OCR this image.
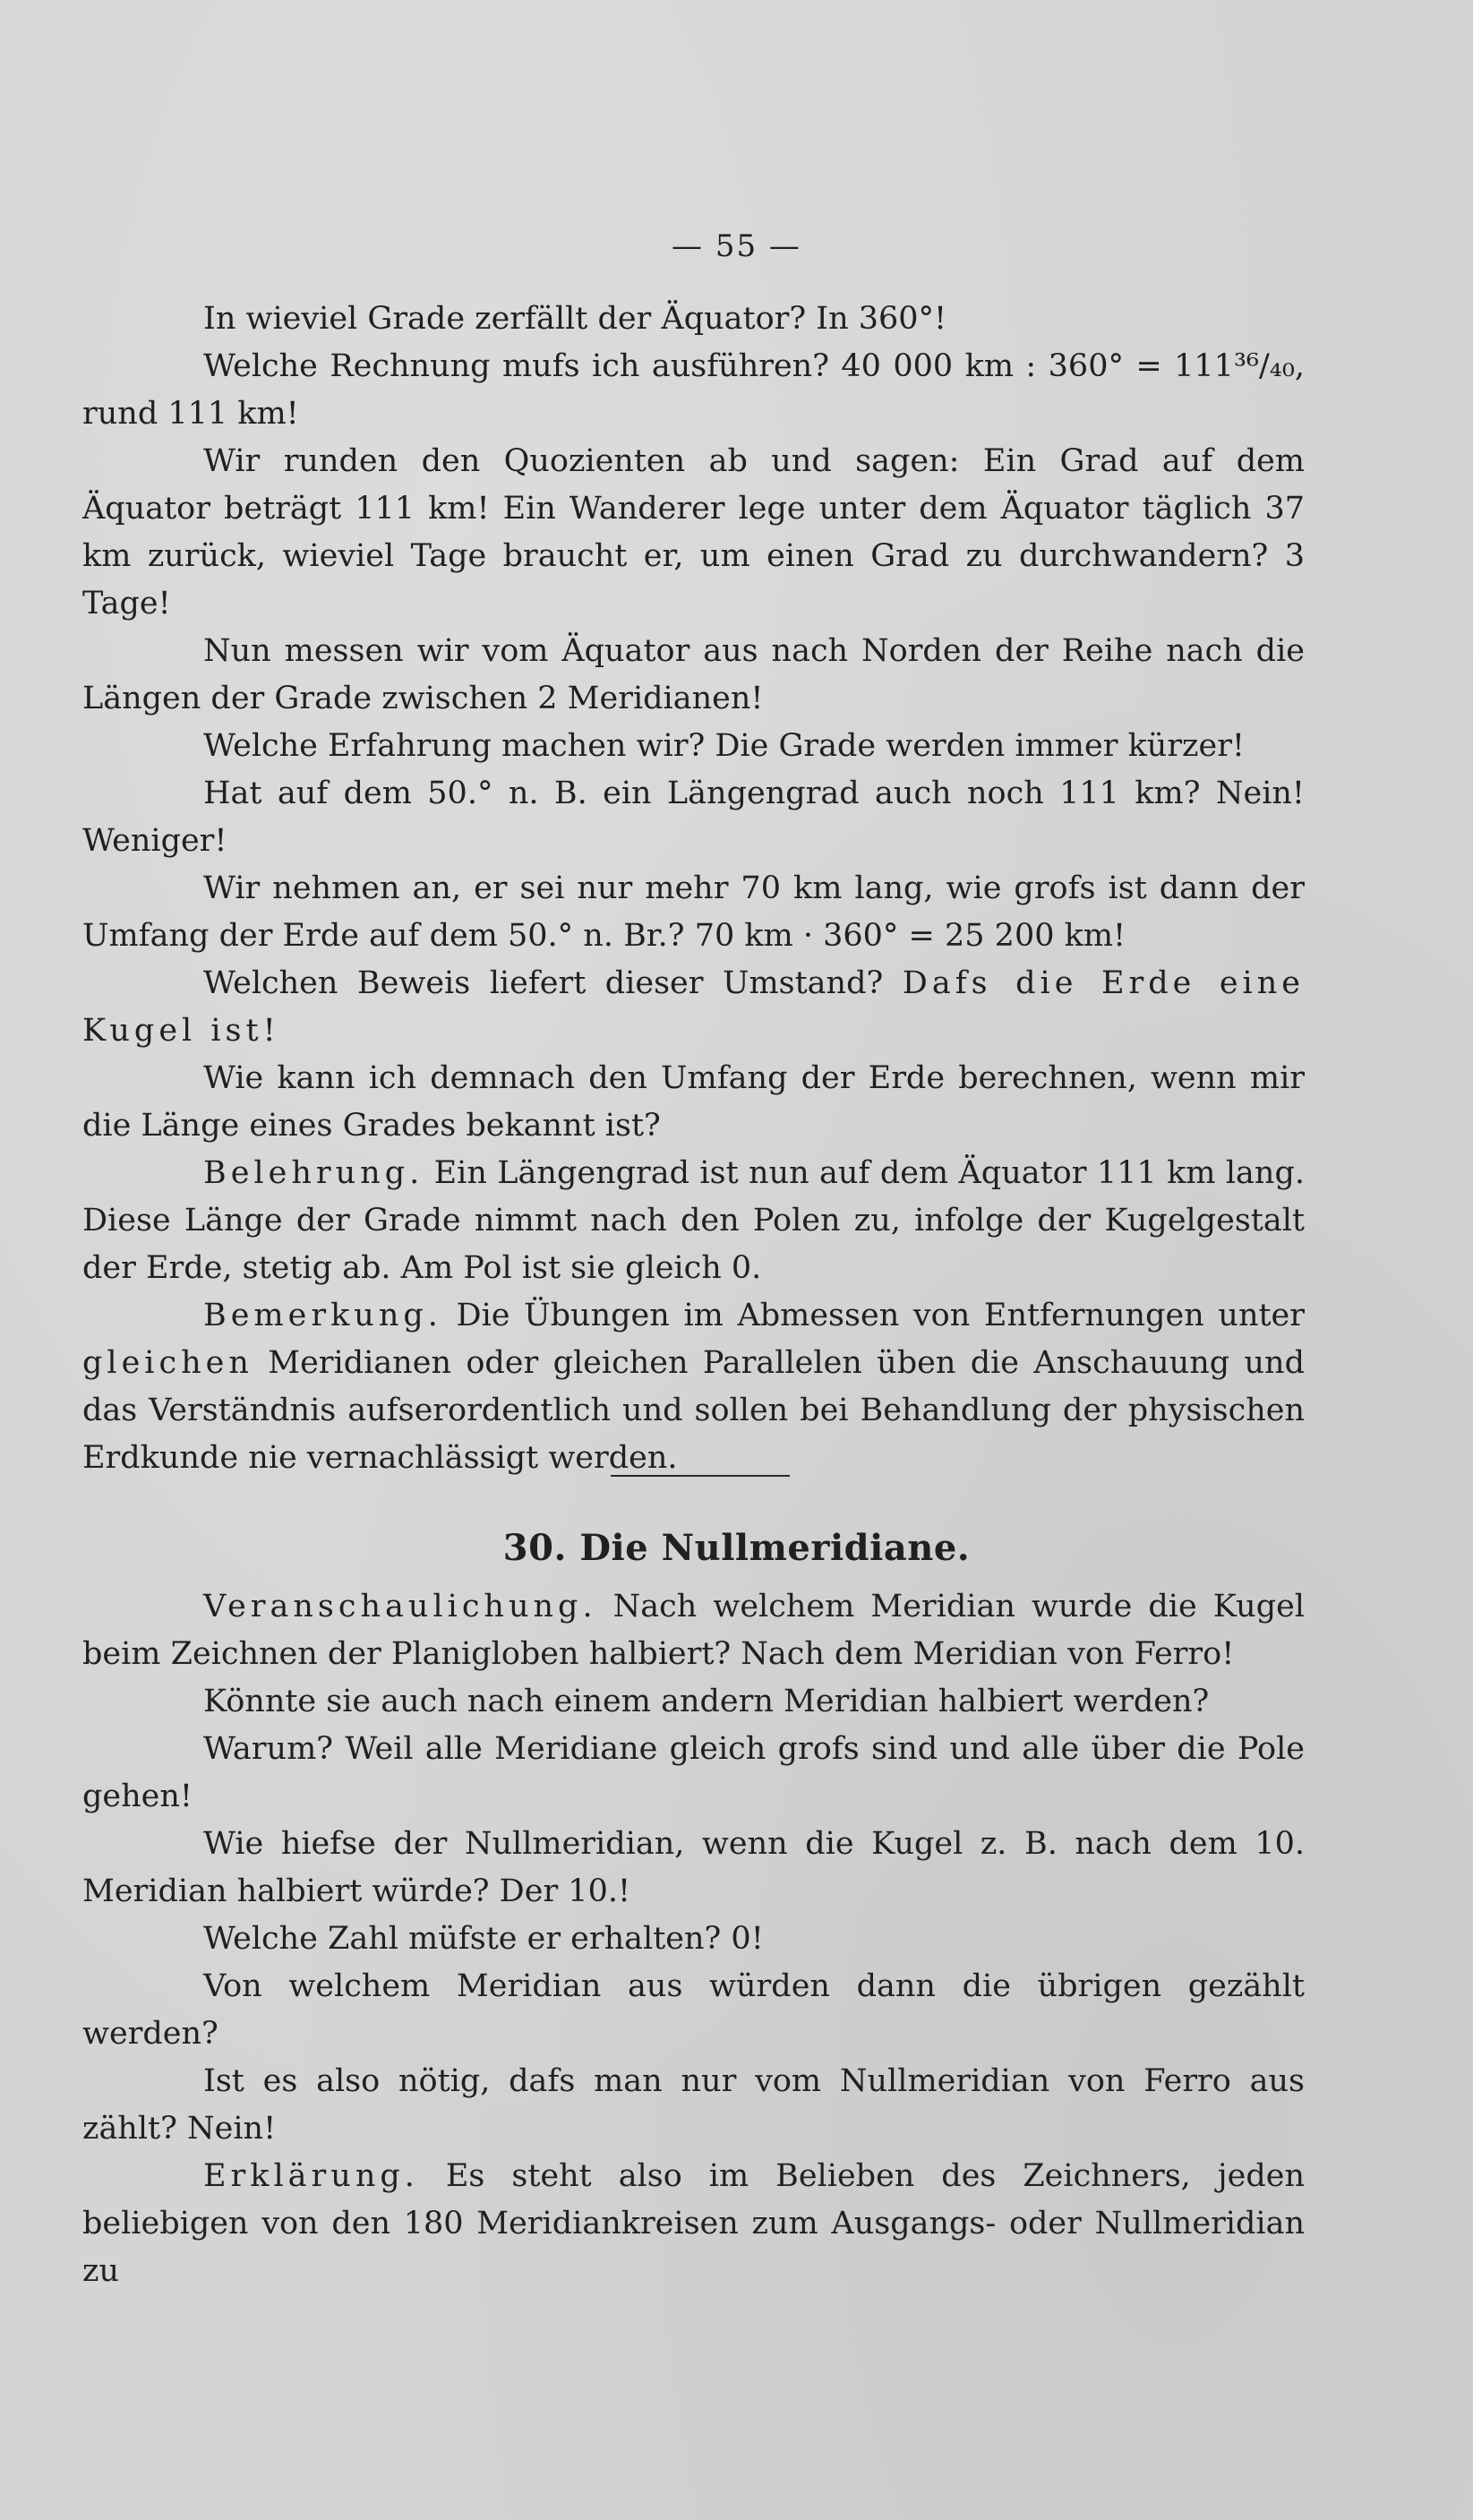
— 55 —

In wieviel Grade zerfällt der Äquator? In 360°!

Welche Rechnung mufs ich ausführen? 40 000 km : 360° = 111³⁶/₄₀, rund 111 km!

Wir runden den Quozienten ab und sagen: Ein Grad auf dem Äquator beträgt 111 km! Ein Wanderer lege unter dem Äquator täglich 37 km zurück, wieviel Tage braucht er, um einen Grad zu durchwandern? 3 Tage!

Nun messen wir vom Äquator aus nach Norden der Reihe nach die Längen der Grade zwischen 2 Meridianen!

Welche Erfahrung machen wir? Die Grade werden immer kürzer!

Hat auf dem 50.° n. B. ein Längengrad auch noch 111 km? Nein! Weniger!

Wir nehmen an, er sei nur mehr 70 km lang, wie grofs ist dann der Umfang der Erde auf dem 50.° n. Br.? 70 km · 360° = 25 200 km!

Welchen Beweis liefert dieser Umstand? Dafs die Erde eine Kugel ist!

Wie kann ich demnach den Umfang der Erde berechnen, wenn mir die Länge eines Grades bekannt ist?

Belehrung. Ein Längengrad ist nun auf dem Äquator 111 km lang. Diese Länge der Grade nimmt nach den Polen zu, infolge der Kugelgestalt der Erde, stetig ab. Am Pol ist sie gleich 0.

Bemerkung. Die Übungen im Abmessen von Entfernungen unter gleichen Meridianen oder gleichen Parallelen üben die Anschauung und das Verständnis aufserordentlich und sollen bei Behandlung der physischen Erdkunde nie vernachlässigt werden.

30. Die Nullmeridiane.

Veranschaulichung. Nach welchem Meridian wurde die Kugel beim Zeichnen der Planigloben halbiert? Nach dem Meridian von Ferro!

Könnte sie auch nach einem andern Meridian halbiert werden?

Warum? Weil alle Meridiane gleich grofs sind und alle über die Pole gehen!

Wie hiefse der Nullmeridian, wenn die Kugel z. B. nach dem 10. Meridian halbiert würde? Der 10.!

Welche Zahl müfste er erhalten? 0!

Von welchem Meridian aus würden dann die übrigen gezählt werden?

Ist es also nötig, dafs man nur vom Nullmeridian von Ferro aus zählt? Nein!

Erklärung. Es steht also im Belieben des Zeichners, jeden beliebigen von den 180 Meridiankreisen zum Ausgangs- oder Nullmeridian zu
